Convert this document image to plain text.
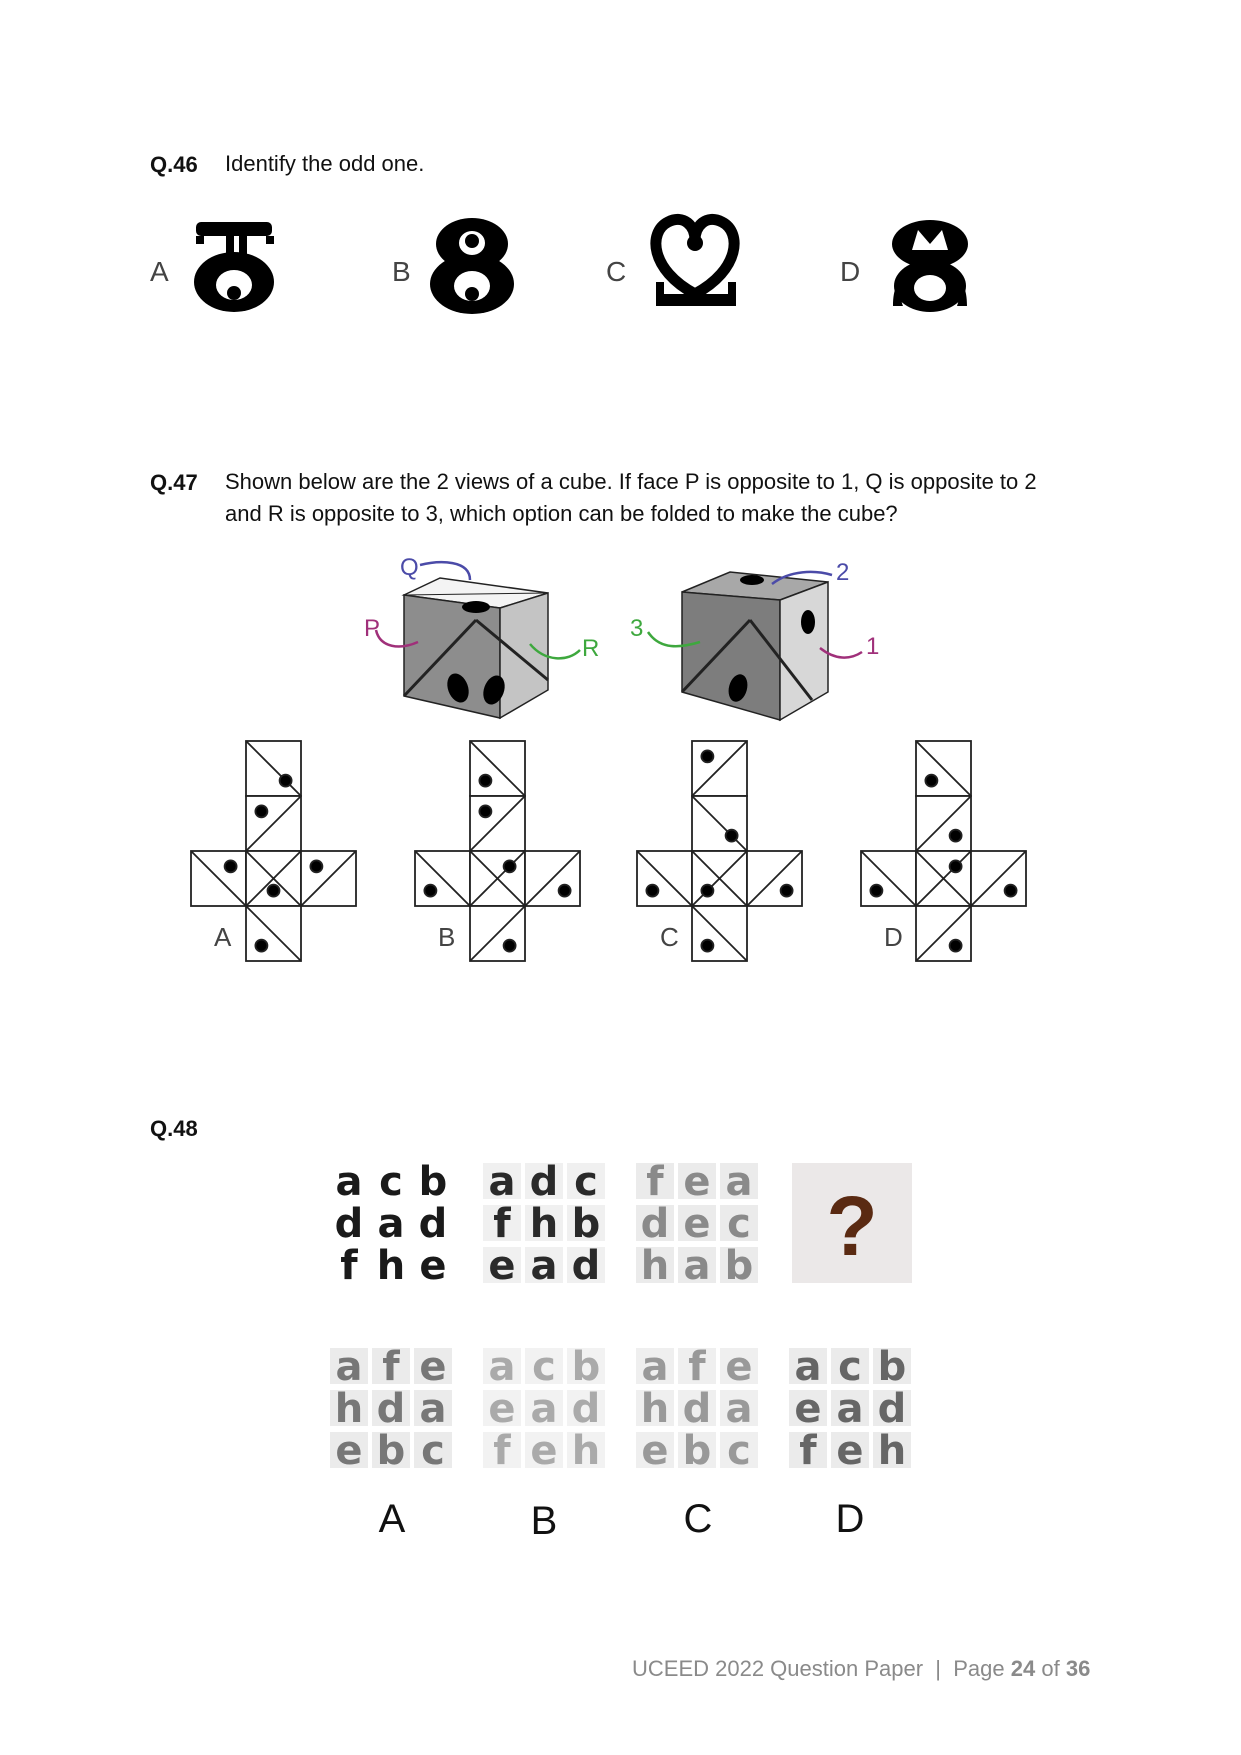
Q.46 Identify the odd one.
A	B	C	D
Q.47 Shown below are the 2 views of a cube. If face P is opposite to 1, Q is opposite to 2
and R is opposite to 3, which option can be folded to make the cube?
Q
P
R
2
1
3
A	B	C	D
Q.48
a c b
d a d
f h e
a d c
f h b
e a d
f e a
d e c
h a b
a f e
h d a
e b c
a c b
e a d
f e h
a f e
h d a
e b c
a c b
e a d
f e h
?
A	B	C	D
UCEED 2022 Question Paper | Page 24 of 36
